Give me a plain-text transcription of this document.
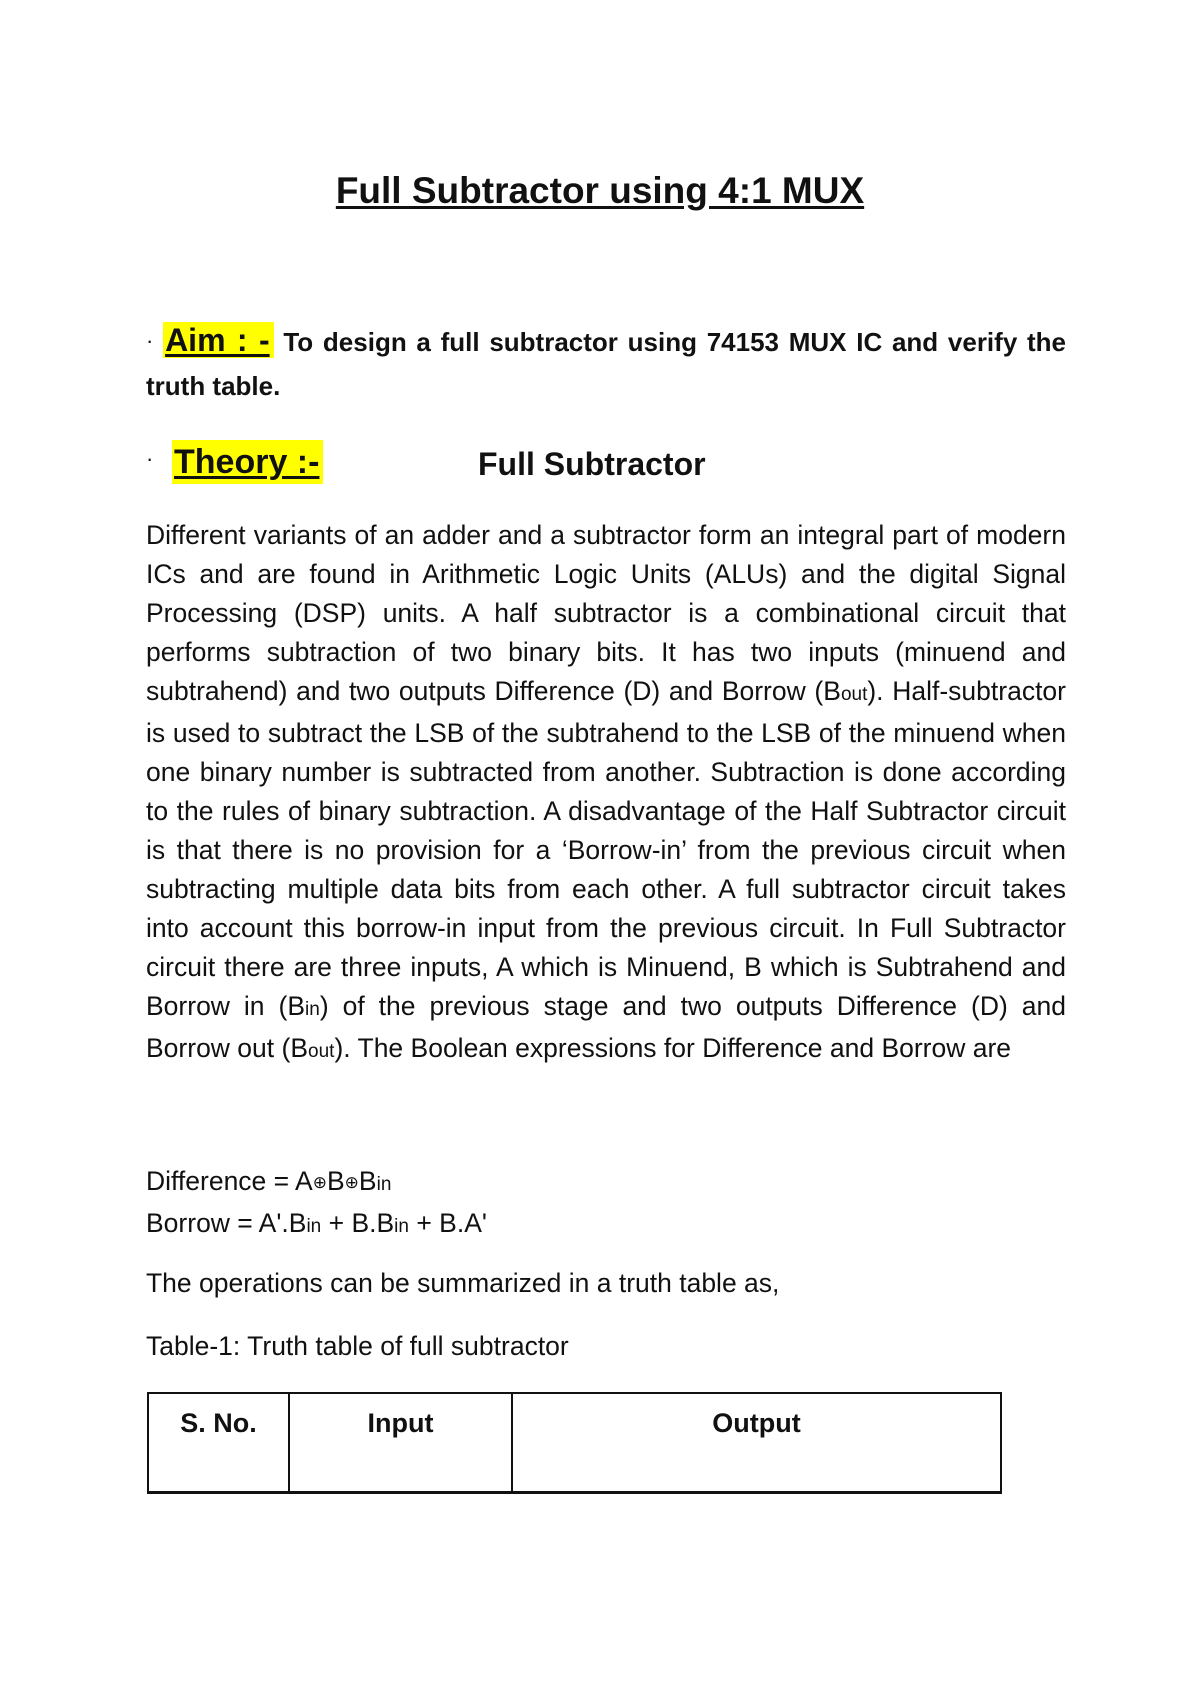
Full Subtractor using 4:1 MUX

· Aim : - To design a full subtractor using 74153 MUX IC and verify the truth table.

· Theory :-	Full Subtractor

Different variants of an adder and a subtractor form an integral part of modern ICs and are found in Arithmetic Logic Units (ALUs) and the digital Signal Processing (DSP) units. A half subtractor is a combinational circuit that performs subtraction of two binary bits. It has two inputs (minuend and subtrahend) and two outputs Difference (D) and Borrow (Bout). Half-subtractor is used to subtract the LSB of the subtrahend to the LSB of the minuend when one binary number is subtracted from another. Subtraction is done according to the rules of binary subtraction. A disadvantage of the Half Subtractor circuit is that there is no provision for a ‘Borrow-in’ from the previous circuit when subtracting multiple data bits from each other. A full subtractor circuit takes into account this borrow-in input from the previous circuit. In Full Subtractor circuit there are three inputs, A which is Minuend, B which is Subtrahend and Borrow in (Bin) of the previous stage and two outputs Difference (D) and Borrow out (Bout). The Boolean expressions for Difference and Borrow are

Difference = A⊕B⊕Bin
Borrow = A'.Bin + B.Bin + B.A'

The operations can be summarized in a truth table as,

Table-1: Truth table of full subtractor

S. No.	Input	Output
